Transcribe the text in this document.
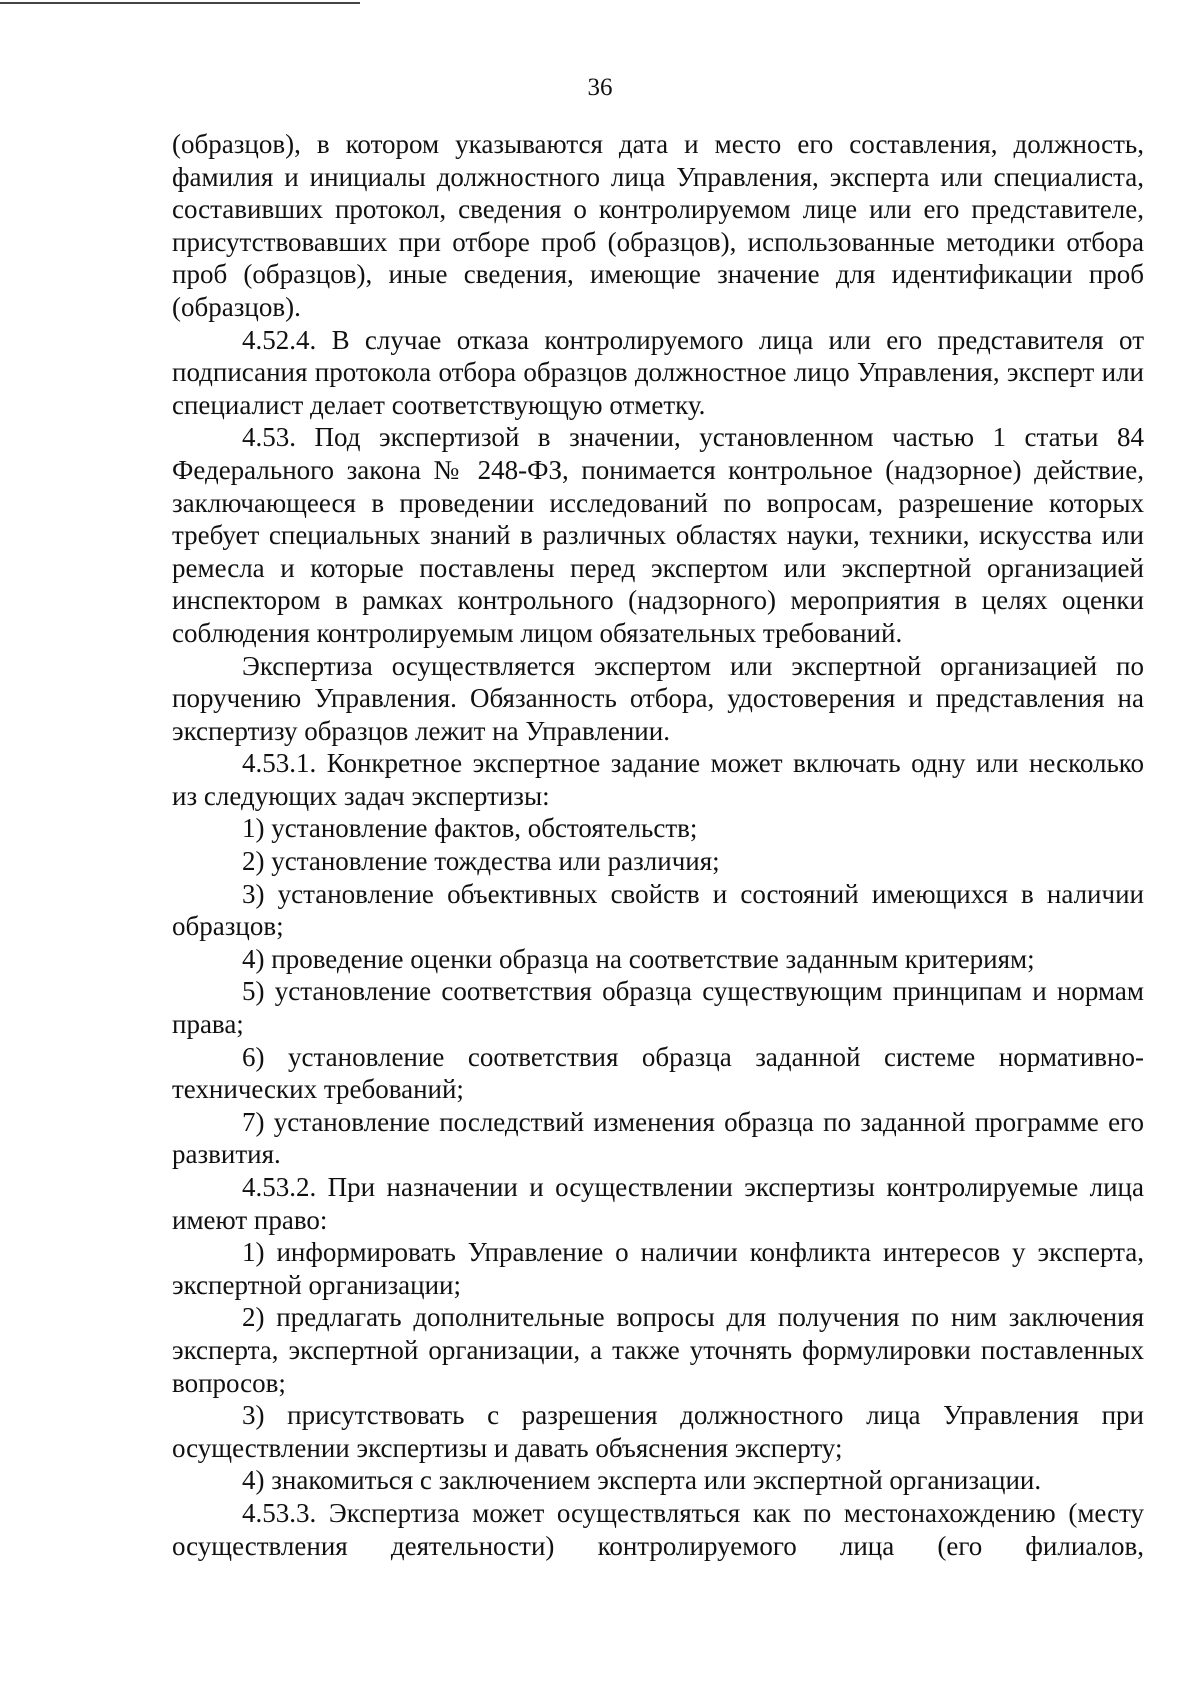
36

(образцов), в котором указываются дата и место его составления, должность, фамилия и инициалы должностного лица Управления, эксперта или специалиста, составивших протокол, сведения о контролируемом лице или его представителе, присутствовавших при отборе проб (образцов), использованные методики отбора проб (образцов), иные сведения, имеющие значение для идентификации проб (образцов).

4.52.4. В случае отказа контролируемого лица или его представителя от подписания протокола отбора образцов должностное лицо Управления, эксперт или специалист делает соответствующую отметку.

4.53. Под экспертизой в значении, установленном частью 1 статьи 84 Федерального закона № 248-ФЗ, понимается контрольное (надзорное) действие, заключающееся в проведении исследований по вопросам, разрешение которых требует специальных знаний в различных областях науки, техники, искусства или ремесла и которые поставлены перед экспертом или экспертной организацией инспектором в рамках контрольного (надзорного) мероприятия в целях оценки соблюдения контролируемым лицом обязательных требований.

Экспертиза осуществляется экспертом или экспертной организацией по поручению Управления. Обязанность отбора, удостоверения и представления на экспертизу образцов лежит на Управлении.

4.53.1. Конкретное экспертное задание может включать одну или несколько из следующих задач экспертизы:

1) установление фактов, обстоятельств;

2) установление тождества или различия;

3) установление объективных свойств и состояний имеющихся в наличии образцов;

4) проведение оценки образца на соответствие заданным критериям;

5) установление соответствия образца существующим принципам и нормам права;

6) установление соответствия образца заданной системе нормативно-технических требований;

7) установление последствий изменения образца по заданной программе его развития.

4.53.2. При назначении и осуществлении экспертизы контролируемые лица имеют право:

1) информировать Управление о наличии конфликта интересов у эксперта, экспертной организации;

2) предлагать дополнительные вопросы для получения по ним заключения эксперта, экспертной организации, а также уточнять формулировки поставленных вопросов;

3) присутствовать с разрешения должностного лица Управления при осуществлении экспертизы и давать объяснения эксперту;

4) знакомиться с заключением эксперта или экспертной организации.

4.53.3. Экспертиза может осуществляться как по местонахождению (месту осуществления деятельности) контролируемого лица (его филиалов,
